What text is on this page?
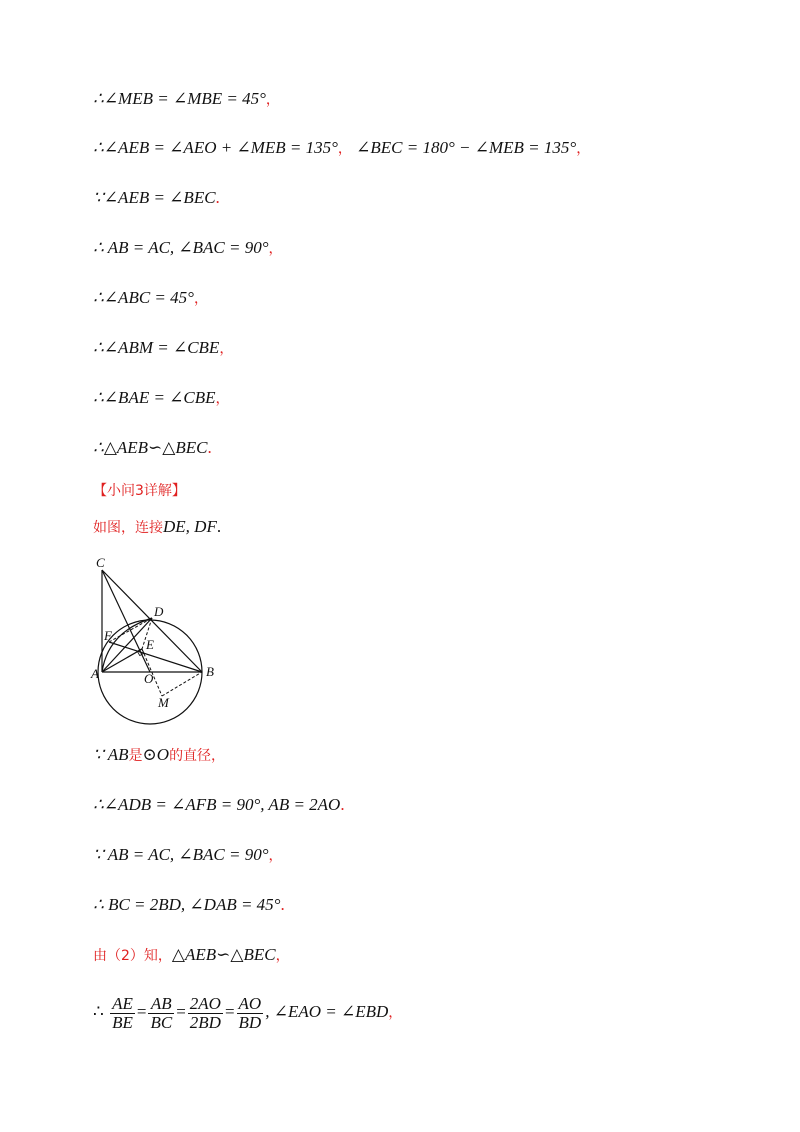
∴∠MEB = ∠MBE = 45°，
∴∠AEB = ∠AEO + ∠MEB = 135°， ∠BEC = 180° − ∠MEB = 135°，
∵∠AEB = ∠BEC.
∴ AB = AC, ∠BAC = 90°，
∴∠ABC = 45°，
∴∠ABM = ∠CBE，
∴∠BAE = ∠CBE，
∴△AEB∽△BEC.
【小问3详解】
如图，连接DE, DF.
C
D
F
E
A	O	B
M
∵ AB是⊙O的直径，
∴∠ADB = ∠AFB = 90°, AB = 2AO.
∵ AB = AC, ∠BAC = 90°，
∴ BC = 2BD, ∠DAB = 45°.
由（2）知，△AEB∽△BEC，
∴ $\frac{AE}{BE} = \frac{AB}{BC} = \frac{2AO}{2BD} = \frac{AO}{BD}$ , ∠EAO = ∠EBD，
